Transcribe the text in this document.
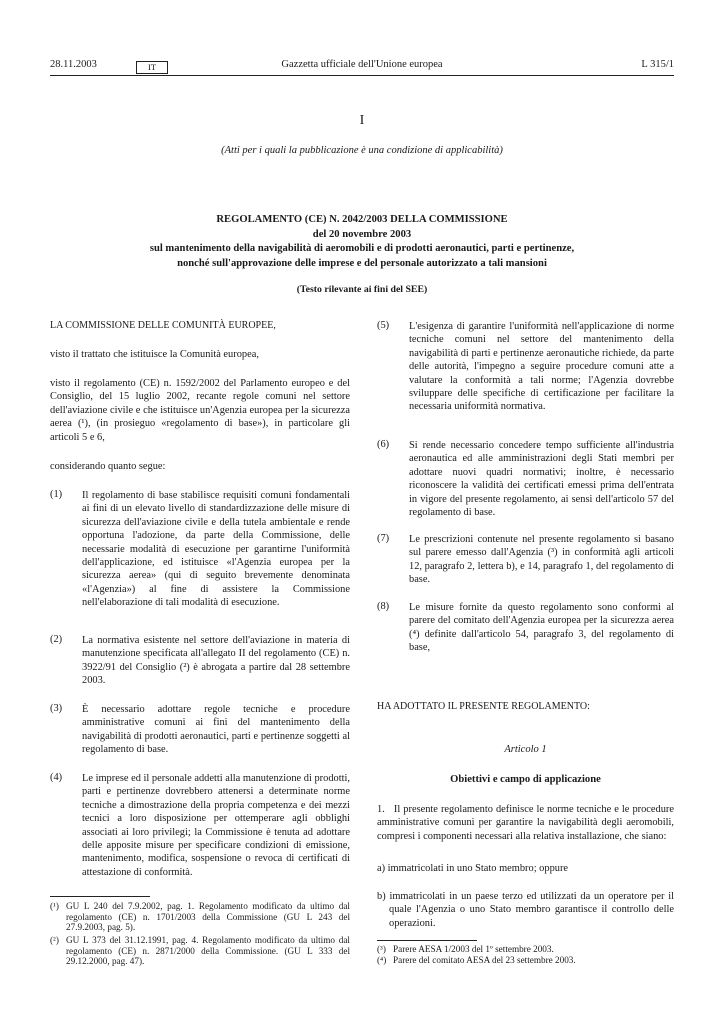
28.11.2003	IT	Gazzetta ufficiale dell'Unione europea	L 315/1
I
(Atti per i quali la pubblicazione è una condizione di applicabilità)
REGOLAMENTO (CE) N. 2042/2003 DELLA COMMISSIONE
del 20 novembre 2003
sul mantenimento della navigabilità di aeromobili e di prodotti aeronautici, parti e pertinenze,
nonché sull'approvazione delle imprese e del personale autorizzato a tali mansioni
(Testo rilevante ai fini del SEE)
LA COMMISSIONE DELLE COMUNITÀ EUROPEE,

visto il trattato che istituisce la Comunità europea,

visto il regolamento (CE) n. 1592/2002 del Parlamento europeo e del Consiglio, del 15 luglio 2002, recante regole comuni nel settore dell'aviazione civile e che istituisce un'Agenzia europea per la sicurezza aerea (¹), (in prosieguo «regolamento di base»), in particolare gli articoli 5 e 6,

considerando quanto segue:

(1) Il regolamento di base stabilisce requisiti comuni fondamentali ai fini di un elevato livello di standardizzazione delle misure di sicurezza dell'aviazione civile e della tutela ambientale e rende opportuna l'adozione, da parte della Commissione, delle necessarie modalità di esecuzione per garantirne l'uniformità dell'applicazione, ed istituisce «l'Agenzia europea per la sicurezza aerea» (qui di seguito brevemente denominata «l'Agenzia») al fine di assistere la Commissione nell'elaborazione di tali modalità di esecuzione.

(2) La normativa esistente nel settore dell'aviazione in materia di manutenzione specificata all'allegato II del regolamento (CE) n. 3922/91 del Consiglio (²) è abrogata a partire dal 28 settembre 2003.

(3) È necessario adottare regole tecniche e procedure amministrative comuni ai fini del mantenimento della navigabilità di prodotti aeronautici, parti e pertinenze soggetti al regolamento di base.

(4) Le imprese ed il personale addetti alla manutenzione di prodotti, parti e pertinenze dovrebbero attenersi a determinate norme tecniche a dimostrazione della propria competenza e dei mezzi tecnici a loro disposizione per ottemperare agli obblighi associati ai loro privilegi; la Commissione è tenuta ad adottare delle apposite misure per specificare condizioni di emissione, mantenimento, modifica, sospensione o revoca di certificati di attestazione di conformità.

(¹) GU L 240 del 7.9.2002, pag. 1. Regolamento modificato da ultimo dal regolamento (CE) n. 1701/2003 della Commissione (GU L 243 del 27.9.2003, pag. 5).
(²) GU L 373 del 31.12.1991, pag. 4. Regolamento modificato da ultimo dal regolamento (CE) n. 2871/2000 della Commissione. (GU L 333 del 29.12.2000, pag. 47).
(5) L'esigenza di garantire l'uniformità nell'applicazione di norme tecniche comuni nel settore del mantenimento della navigabilità di parti e pertinenze aeronautiche richiede, da parte delle autorità, l'impegno a seguire procedure comuni atte a valutare la conformità a tali norme; l'Agenzia dovrebbe sviluppare delle specifiche di certificazione per facilitare la necessaria uniformità normativa.

(6) Si rende necessario concedere tempo sufficiente all'industria aeronautica ed alle amministrazioni degli Stati membri per adottare nuovi quadri normativi; inoltre, è necessario riconoscere la validità dei certificati emessi prima dell'entrata in vigore del presente regolamento, ai sensi dell'articolo 57 del regolamento di base.

(7) Le prescrizioni contenute nel presente regolamento si basano sul parere emesso dall'Agenzia (³) in conformità agli articoli 12, paragrafo 2, lettera b), e 14, paragrafo 1, del regolamento di base.

(8) Le misure fornite da questo regolamento sono conformi al parere del comitato dell'Agenzia europea per la sicurezza aerea (⁴) definite dall'articolo 54, paragrafo 3, del regolamento di base,

HA ADOTTATO IL PRESENTE REGOLAMENTO:
Articolo 1
Obiettivi e campo di applicazione

1.   Il presente regolamento definisce le norme tecniche e le procedure amministrative comuni per garantire la navigabilità degli aeromobili, compresi i componenti necessari alla relativa installazione, che siano:

a) immatricolati in uno Stato membro; oppure

b) immatricolati in un paese terzo ed utilizzati da un operatore per il quale l'Agenzia o uno Stato membro garantisce il controllo delle operazioni.

(³) Parere AESA 1/2003 del 1º settembre 2003.
(⁴) Parere del comitato AESA del 23 settembre 2003.
